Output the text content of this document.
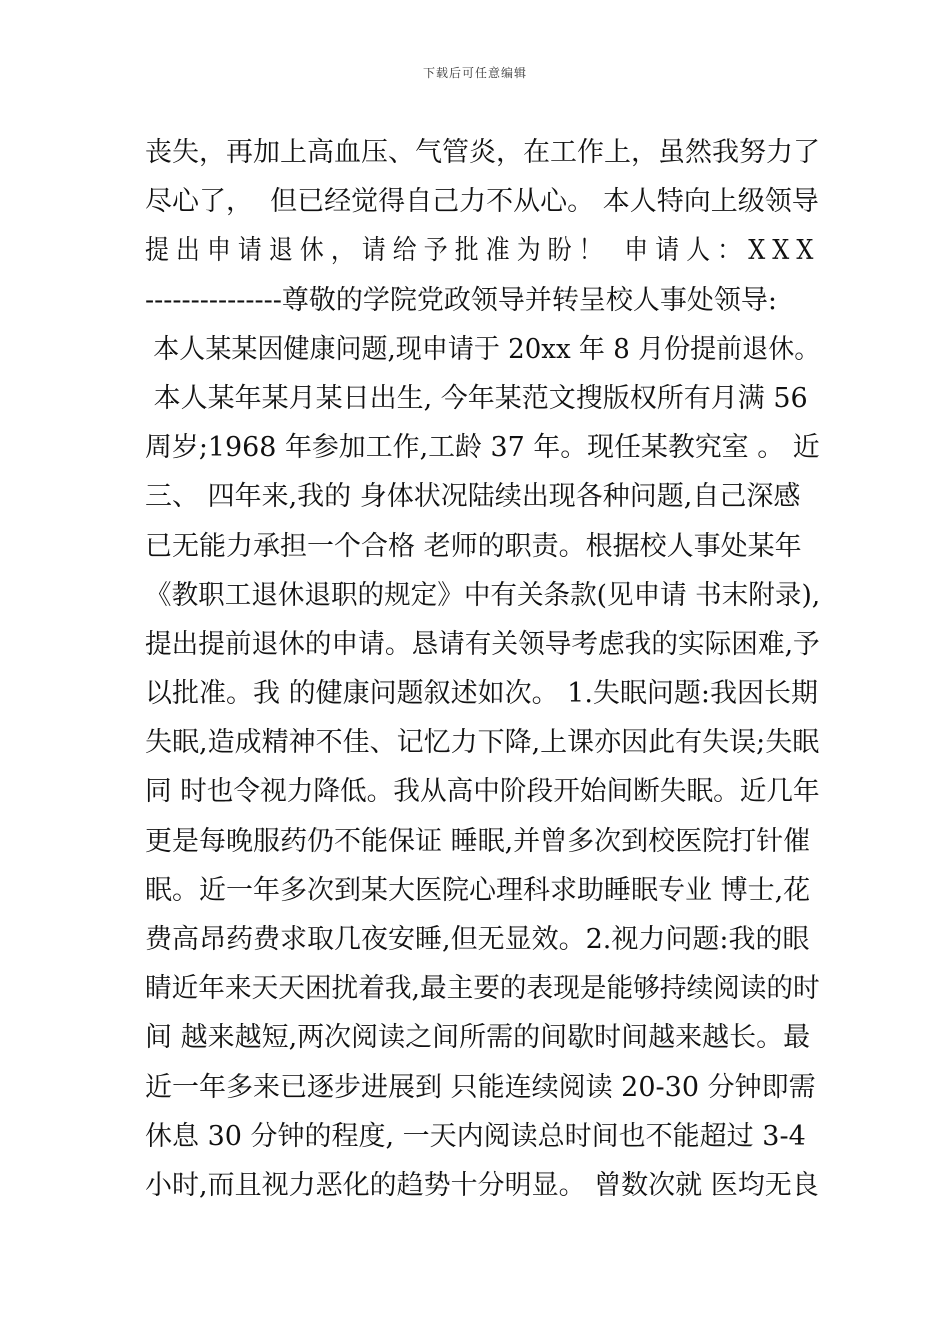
下载后可任意编辑
丧失，再加上高血压、气管炎，在工作上，虽然我努力了
尽心了，  但已经觉得自己力不从心。 本人特向上级领导
提出申请退休，请给予批准为盼！ 申请人：XXX
---------------尊敬的学院党政领导并转呈校人事处领导:
本人某某因健康问题,现申请于 20xx 年 8 月份提前退休。
本人某年某月某日出生, 今年某范文搜版权所有月满 56
周岁;1968 年参加工作,工龄 37 年。现任某教究室 。 近
三、 四年来,我的 身体状况陆续出现各种问题,自己深感
已无能力承担一个合格 老师的职责。根据校人事处某年
《教职工退休退职的规定》中有关条款(见申请 书末附录),
提出提前退休的申请。恳请有关领导考虑我的实际困难,予
以批准。我 的健康问题叙述如次。 1.失眠问题:我因长期
失眠,造成精神不佳、记忆力下降,上课亦因此有失误;失眠
同 时也令视力降低。我从高中阶段开始间断失眠。近几年
更是每晚服药仍不能保证 睡眠,并曾多次到校医院打针催
眠。近一年多次到某大医院心理科求助睡眠专业 博士,花
费高昂药费求取几夜安睡,但无显效。2.视力问题:我的眼
睛近年来天天困扰着我,最主要的表现是能够持续阅读的时
间 越来越短,两次阅读之间所需的间歇时间越来越长。最
近一年多来已逐步进展到 只能连续阅读 20-30 分钟即需
休息 30 分钟的程度, 一天内阅读总时间也不能超过 3-4
小时,而且视力恶化的趋势十分明显。 曾数次就 医均无良
